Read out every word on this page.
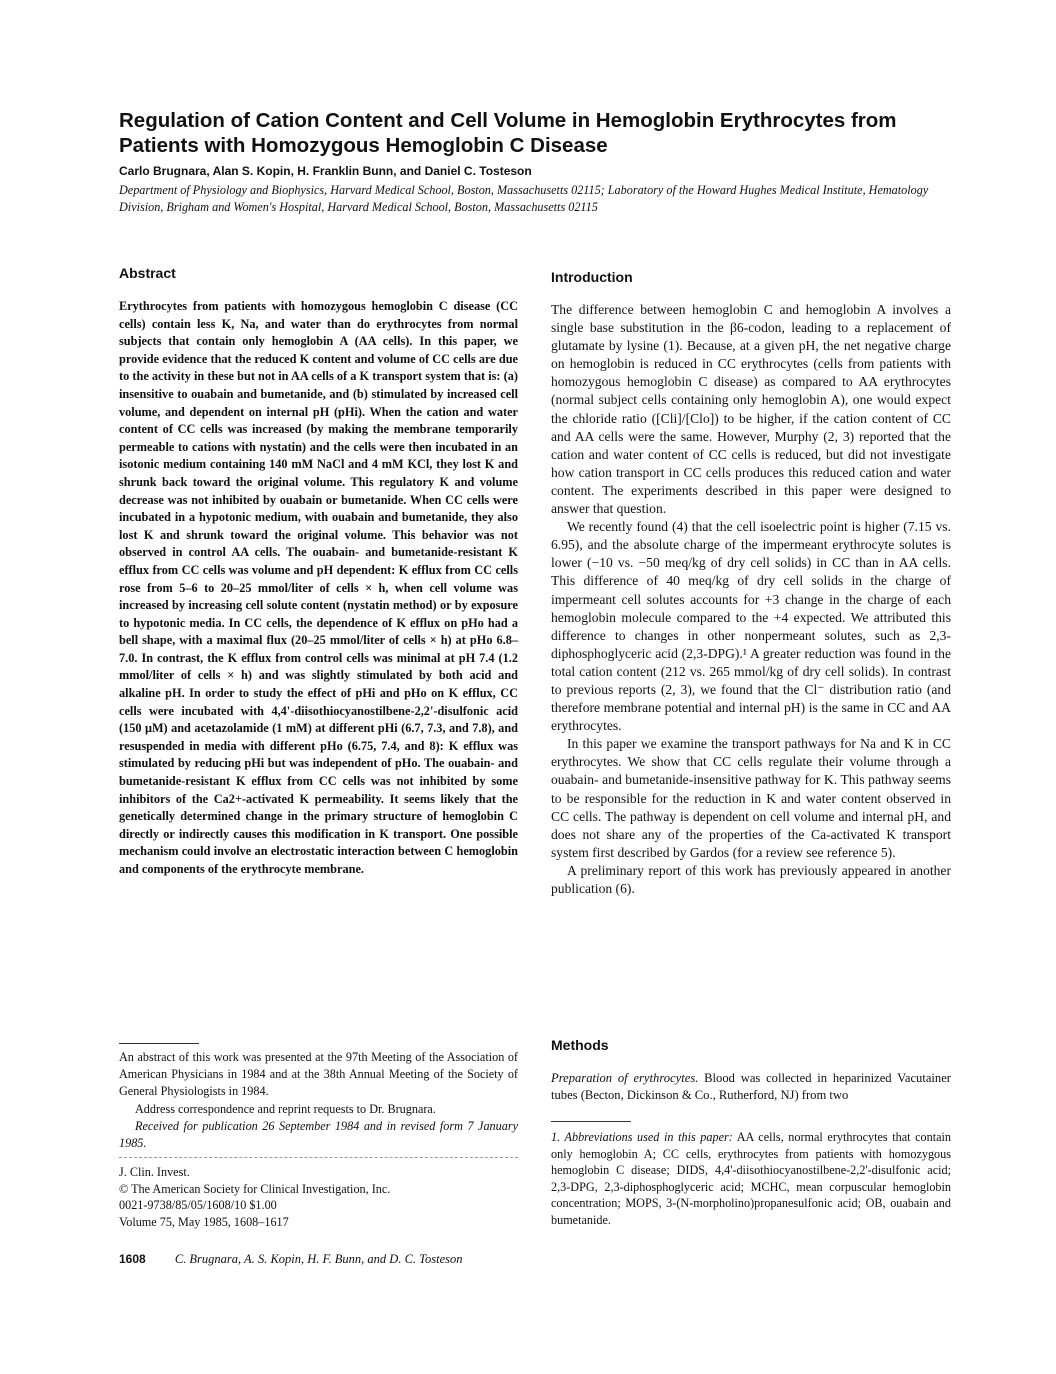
Regulation of Cation Content and Cell Volume in Hemoglobin Erythrocytes from Patients with Homozygous Hemoglobin C Disease
Carlo Brugnara, Alan S. Kopin, H. Franklin Bunn, and Daniel C. Tosteson
Department of Physiology and Biophysics, Harvard Medical School, Boston, Massachusetts 02115; Laboratory of the Howard Hughes Medical Institute, Hematology Division, Brigham and Women's Hospital, Harvard Medical School, Boston, Massachusetts 02115
Abstract

Erythrocytes from patients with homozygous hemoglobin C disease (CC cells) contain less K, Na, and water than do erythrocytes from normal subjects that contain only hemoglobin A (AA cells). In this paper, we provide evidence that the reduced K content and volume of CC cells are due to the activity in these but not in AA cells of a K transport system that is: (a) insensitive to ouabain and bumetanide, and (b) stimulated by increased cell volume, and dependent on internal pH (pHi). When the cation and water content of CC cells was increased (by making the membrane temporarily permeable to cations with nystatin) and the cells were then incubated in an isotonic medium containing 140 mM NaCl and 4 mM KCl, they lost K and shrunk back toward the original volume. This regulatory K and volume decrease was not inhibited by ouabain or bumetanide. When CC cells were incubated in a hypotonic medium, with ouabain and bumetanide, they also lost K and shrunk toward the original volume. This behavior was not observed in control AA cells. The ouabain- and bumetanide-resistant K efflux from CC cells was volume and pH dependent: K efflux from CC cells rose from 5–6 to 20–25 mmol/liter of cells × h, when cell volume was increased by increasing cell solute content (nystatin method) or by exposure to hypotonic media. In CC cells, the dependence of K efflux on pHo had a bell shape, with a maximal flux (20–25 mmol/liter of cells × h) at pHo 6.8–7.0. In contrast, the K efflux from control cells was minimal at pH 7.4 (1.2 mmol/liter of cells × h) and was slightly stimulated by both acid and alkaline pH. In order to study the effect of pHi and pHo on K efflux, CC cells were incubated with 4,4'-diisothiocyanostilbene-2,2'-disulfonic acid (150 μM) and acetazolamide (1 mM) at different pHi (6.7, 7.3, and 7.8), and resuspended in media with different pHo (6.75, 7.4, and 8): K efflux was stimulated by reducing pHi but was independent of pHo. The ouabain- and bumetanide-resistant K efflux from CC cells was not inhibited by some inhibitors of the Ca2+-activated K permeability. It seems likely that the genetically determined change in the primary structure of hemoglobin C directly or indirectly causes this modification in K transport. One possible mechanism could involve an electrostatic interaction between C hemoglobin and components of the erythrocyte membrane.

An abstract of this work was presented at the 97th Meeting of the Association of American Physicians in 1984 and at the 38th Annual Meeting of the Society of General Physiologists in 1984.

Address correspondence and reprint requests to Dr. Brugnara.

Received for publication 26 September 1984 and in revised form 7 January 1985.

J. Clin. Invest.
© The American Society for Clinical Investigation, Inc.
0021-9738/85/05/1608/10 $1.00
Volume 75, May 1985, 1608–1617
1608 C. Brugnara, A. S. Kopin, H. F. Bunn, and D. C. Tosteson
Introduction

The difference between hemoglobin C and hemoglobin A involves a single base substitution in the β6-codon, leading to a replacement of glutamate by lysine (1). Because, at a given pH, the net negative charge on hemoglobin is reduced in CC erythrocytes (cells from patients with homozygous hemoglobin C disease) as compared to AA erythrocytes (normal subject cells containing only hemoglobin A), one would expect the chloride ratio ([Cli]/[Clo]) to be higher, if the cation content of CC and AA cells were the same. However, Murphy (2, 3) reported that the cation and water content of CC cells is reduced, but did not investigate how cation transport in CC cells produces this reduced cation and water content. The experiments described in this paper were designed to answer that question.

We recently found (4) that the cell isoelectric point is higher (7.15 vs. 6.95), and the absolute charge of the impermeant erythrocyte solutes is lower (−10 vs. −50 meq/kg of dry cell solids) in CC than in AA cells. This difference of 40 meq/kg of dry cell solids in the charge of impermeant cell solutes accounts for +3 change in the charge of each hemoglobin molecule compared to the +4 expected. We attributed this difference to changes in other nonpermeant solutes, such as 2,3-diphosphoglyceric acid (2,3-DPG).¹ A greater reduction was found in the total cation content (212 vs. 265 mmol/kg of dry cell solids). In contrast to previous reports (2, 3), we found that the Cl⁻ distribution ratio (and therefore membrane potential and internal pH) is the same in CC and AA erythrocytes.

In this paper we examine the transport pathways for Na and K in CC erythrocytes. We show that CC cells regulate their volume through a ouabain- and bumetanide-insensitive pathway for K. This pathway seems to be responsible for the reduction in K and water content observed in CC cells. The pathway is dependent on cell volume and internal pH, and does not share any of the properties of the Ca-activated K transport system first described by Gardos (for a review see reference 5).

A preliminary report of this work has previously appeared in another publication (6).

Methods

Preparation of erythrocytes. Blood was collected in heparinized Vacutainer tubes (Becton, Dickinson & Co., Rutherford, NJ) from two

1. Abbreviations used in this paper: AA cells, normal erythrocytes that contain only hemoglobin A; CC cells, erythrocytes from patients with homozygous hemoglobin C disease; DIDS, 4,4'-diisothiocyanostilbene-2,2'-disulfonic acid; 2,3-DPG, 2,3-diphosphoglyceric acid; MCHC, mean corpuscular hemoglobin concentration; MOPS, 3-(N-morpholino)propanesulfonic acid; OB, ouabain and bumetanide.
